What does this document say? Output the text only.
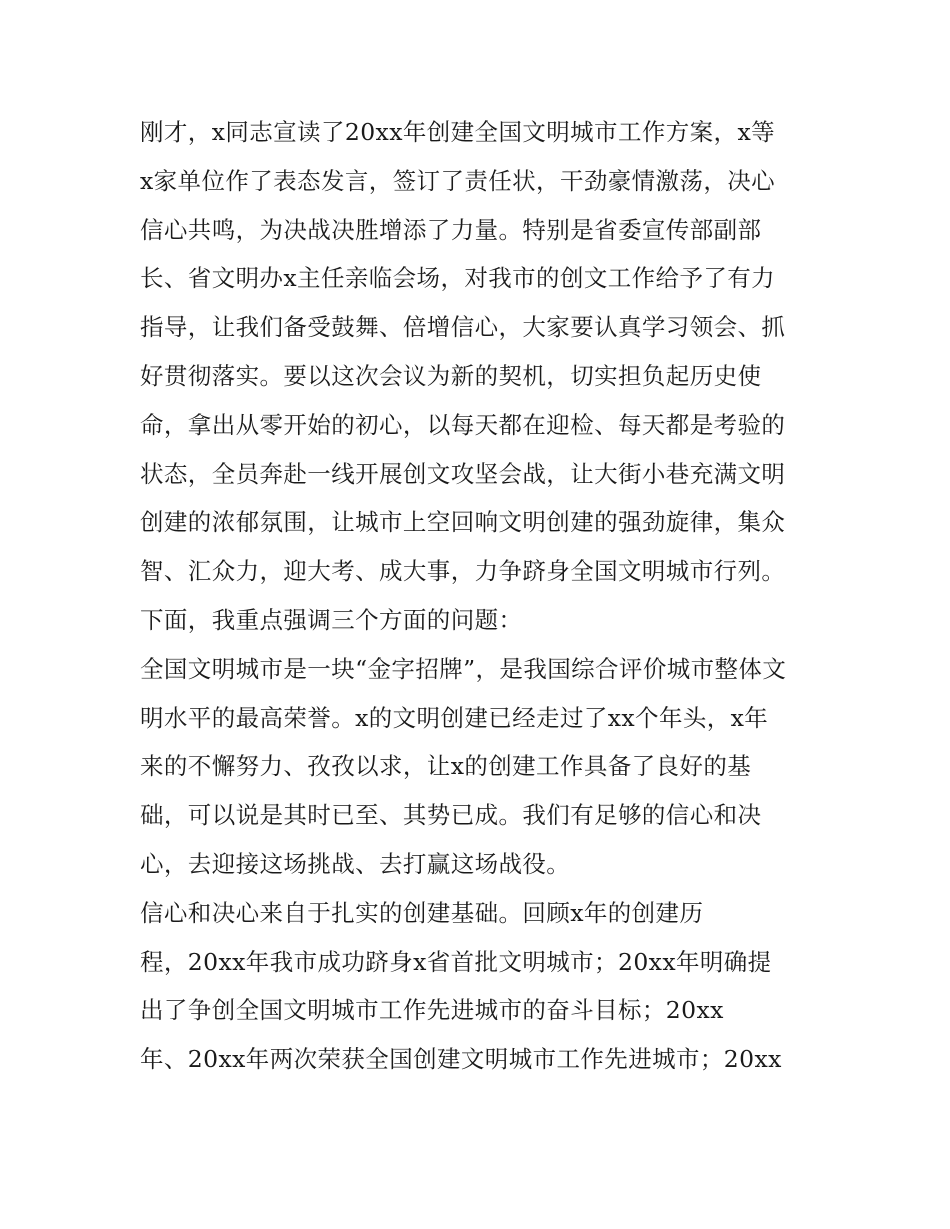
刚才，x同志宣读了20xx年创建全国文明城市工作方案，x等
x家单位作了表态发言，签订了责任状，干劲豪情激荡，决心
信心共鸣，为决战决胜增添了力量。特别是省委宣传部副部
长、省文明办x主任亲临会场，对我市的创文工作给予了有力
指导，让我们备受鼓舞、倍增信心，大家要认真学习领会、抓
好贯彻落实。要以这次会议为新的契机，切实担负起历史使
命，拿出从零开始的初心，以每天都在迎检、每天都是考验的
状态，全员奔赴一线开展创文攻坚会战，让大街小巷充满文明
创建的浓郁氛围，让城市上空回响文明创建的强劲旋律，集众
智、汇众力，迎大考、成大事，力争跻身全国文明城市行列。
下面，我重点强调三个方面的问题：
全国文明城市是一块“金字招牌”，是我国综合评价城市整体文
明水平的最高荣誉。x的文明创建已经走过了xx个年头，x年
来的不懈努力、孜孜以求，让x的创建工作具备了良好的基
础，可以说是其时已至、其势已成。我们有足够的信心和决
心，去迎接这场挑战、去打赢这场战役。
信心和决心来自于扎实的创建基础。回顾x年的创建历
程，20xx年我市成功跻身x省首批文明城市；20xx年明确提
出了争创全国文明城市工作先进城市的奋斗目标；20xx
年、20xx年两次荣获全国创建文明城市工作先进城市；20xx
